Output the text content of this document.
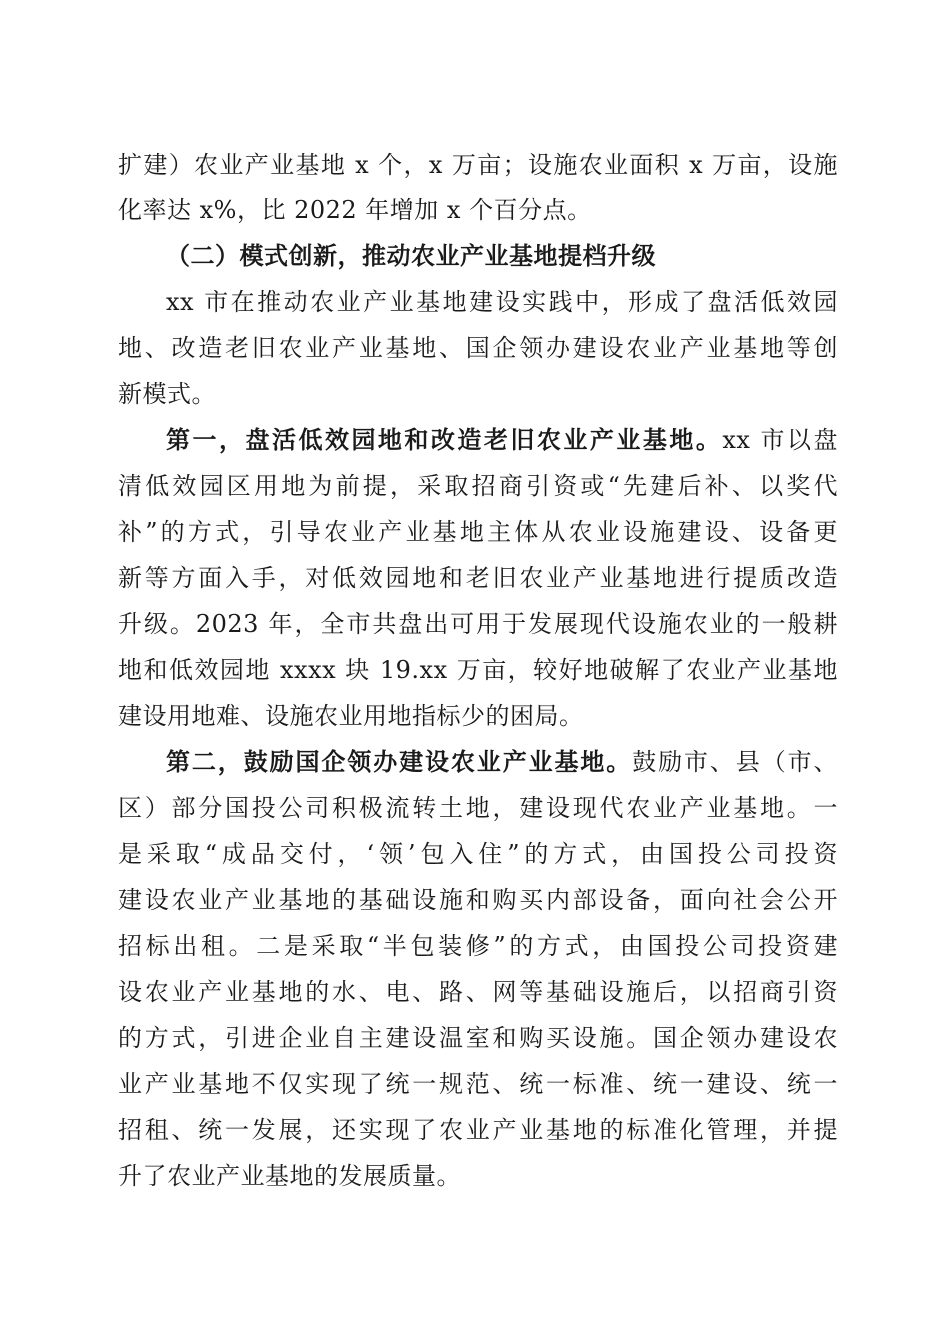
扩建）农业产业基地 x 个，x 万亩；设施农业面积 x 万亩，设施
化率达 x%，比 2022 年增加 x 个百分点。
（二）模式创新，推动农业产业基地提档升级
xx 市在推动农业产业基地建设实践中，形成了盘活低效园
地、改造老旧农业产业基地、国企领办建设农业产业基地等创
新模式。
第一，盘活低效园地和改造老旧农业产业基地。xx 市以盘
清低效园区用地为前提，采取招商引资或“先建后补、以奖代
补”的方式，引导农业产业基地主体从农业设施建设、设备更
新等方面入手，对低效园地和老旧农业产业基地进行提质改造
升级。2023 年，全市共盘出可用于发展现代设施农业的一般耕
地和低效园地 xxxx 块 19.xx 万亩，较好地破解了农业产业基地
建设用地难、设施农业用地指标少的困局。
第二，鼓励国企领办建设农业产业基地。鼓励市、县（市、
区）部分国投公司积极流转土地，建设现代农业产业基地。一
是采取“成品交付，‘领’包入住”的方式，由国投公司投资
建设农业产业基地的基础设施和购买内部设备，面向社会公开
招标出租。二是采取“半包装修”的方式，由国投公司投资建
设农业产业基地的水、电、路、网等基础设施后，以招商引资
的方式，引进企业自主建设温室和购买设施。国企领办建设农
业产业基地不仅实现了统一规范、统一标准、统一建设、统一
招租、统一发展，还实现了农业产业基地的标准化管理，并提
升了农业产业基地的发展质量。
